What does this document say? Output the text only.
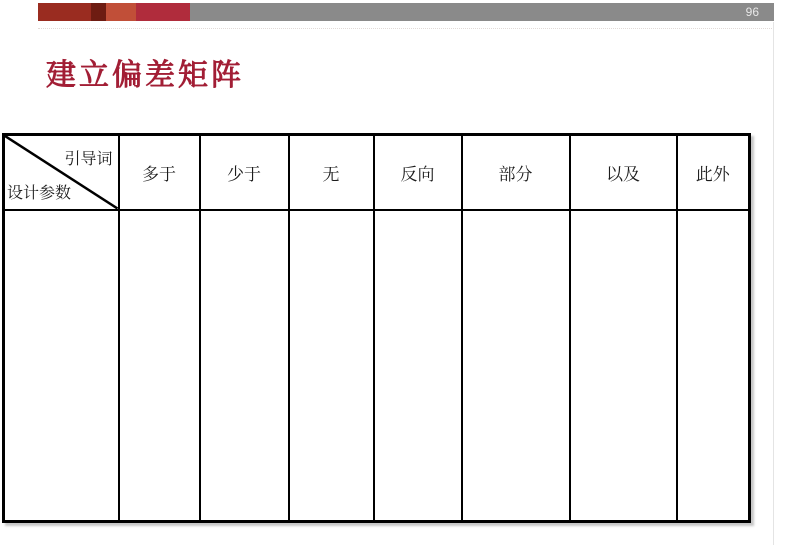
96
建立偏差矩阵
引导词
设计参数	多于	少于	无	反向	部分	以及	此外
